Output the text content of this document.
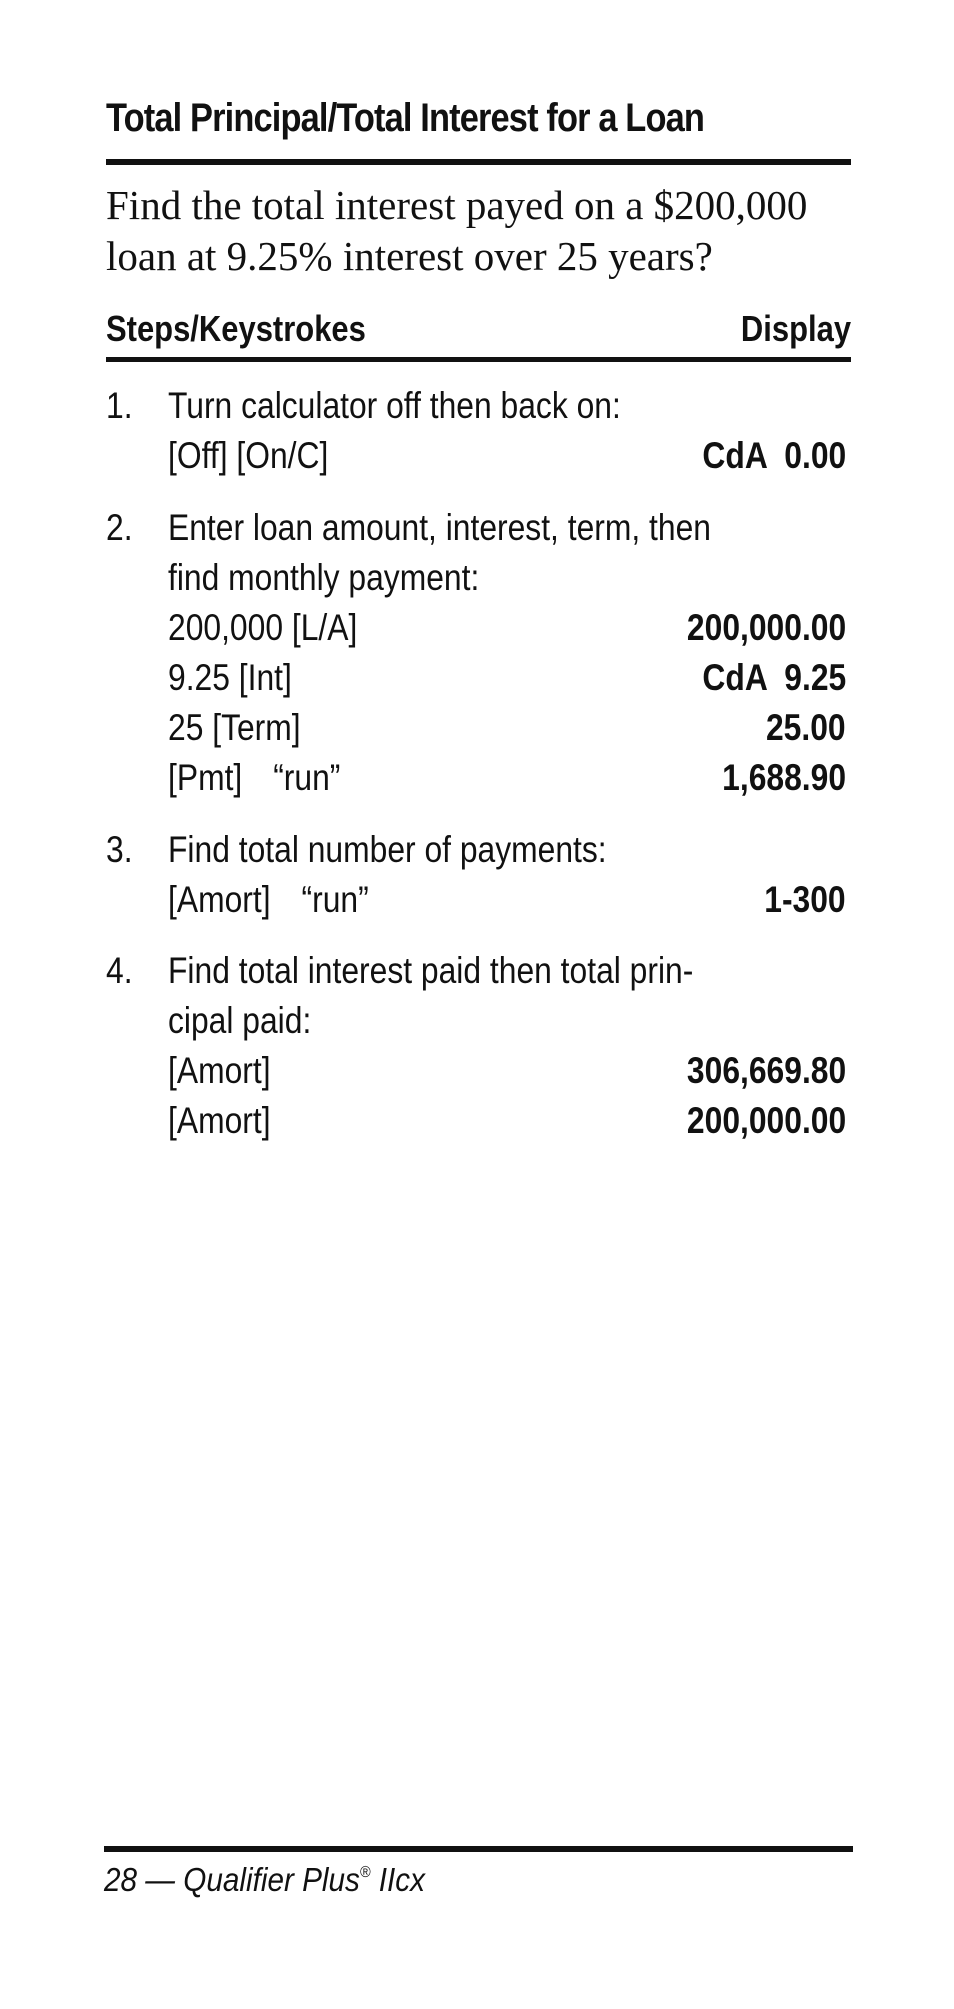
Total Principal/Total Interest for a Loan
Find the total interest payed on a $200,000
loan at 9.25% interest over 25 years?
Steps/Keystrokes	Display
1. Turn calculator off then back on:
[Off] [On/C]	CdA  0.00
2. Enter loan amount, interest, term, then
find monthly payment:
200,000 [L/A]	200,000.00
9.25 [Int]	CdA  9.25
25 [Term]	25.00
[Pmt] “run”	1,688.90
3. Find total number of payments:
[Amort] “run”	1-300
4. Find total interest paid then total prin-
cipal paid:
[Amort]	306,669.80
[Amort]	200,000.00
28 — Qualifier Plus® IIcx
